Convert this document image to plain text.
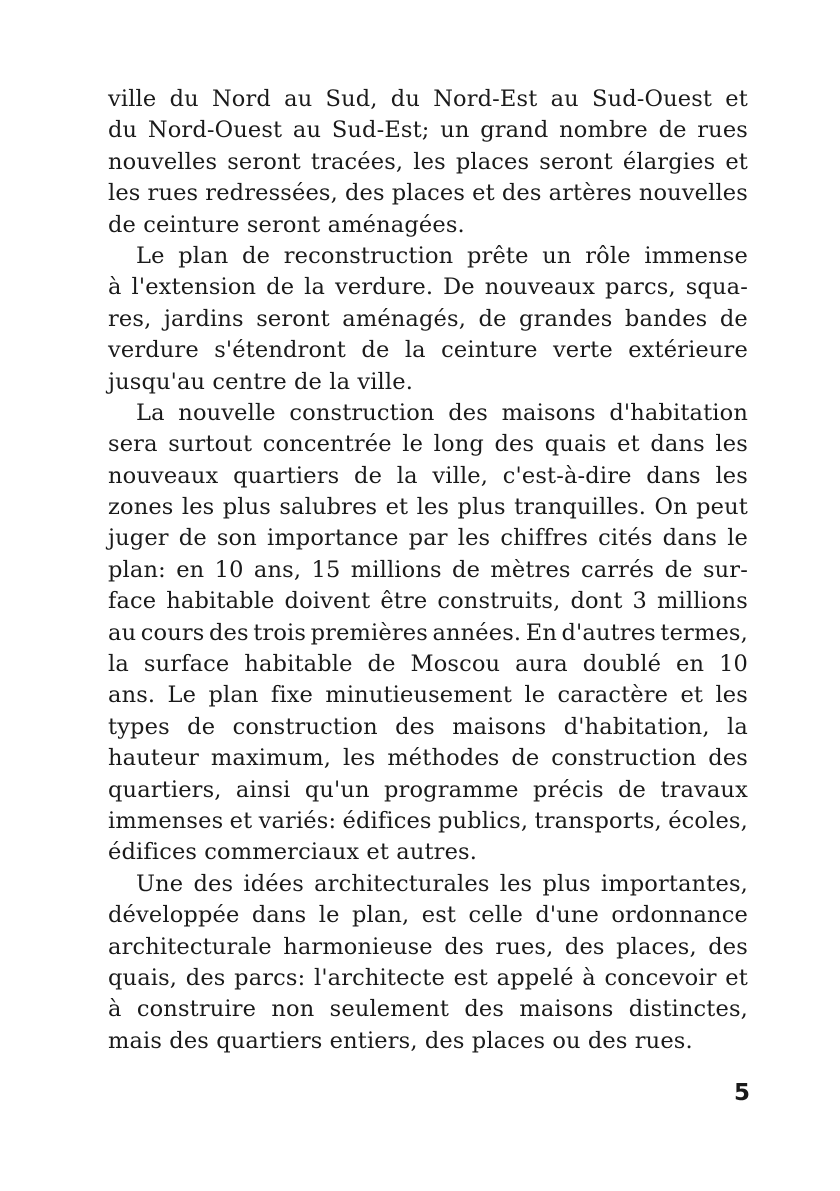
ville du Nord au Sud, du Nord-Est au Sud-Ouest et
du Nord-Ouest au Sud-Est; un grand nombre de rues
nouvelles seront tracées, les places seront élargies et
les rues redressées, des places et des artères nouvelles
de ceinture seront aménagées.
Le plan de reconstruction prête un rôle immense
à l'extension de la verdure. De nouveaux parcs, squa-
res, jardins seront aménagés, de grandes bandes de
verdure s'étendront de la ceinture verte extérieure
jusqu'au centre de la ville.
La nouvelle construction des maisons d'habitation
sera surtout concentrée le long des quais et dans les
nouveaux quartiers de la ville, c'est-à-dire dans les
zones les plus salubres et les plus tranquilles. On peut
juger de son importance par les chiffres cités dans le
plan: en 10 ans, 15 millions de mètres carrés de sur-
face habitable doivent être construits, dont 3 millions
au cours des trois premières années. En d'autres termes,
la surface habitable de Moscou aura doublé en 10
ans. Le plan fixe minutieusement le caractère et les
types de construction des maisons d'habitation, la
hauteur maximum, les méthodes de construction des
quartiers, ainsi qu'un programme précis de travaux
immenses et variés: édifices publics, transports, écoles,
édifices commerciaux et autres.
Une des idées architecturales les plus importantes,
développée dans le plan, est celle d'une ordonnance
architecturale harmonieuse des rues, des places, des
quais, des parcs: l'architecte est appelé à concevoir et
à construire non seulement des maisons distinctes,
mais des quartiers entiers, des places ou des rues.
5
